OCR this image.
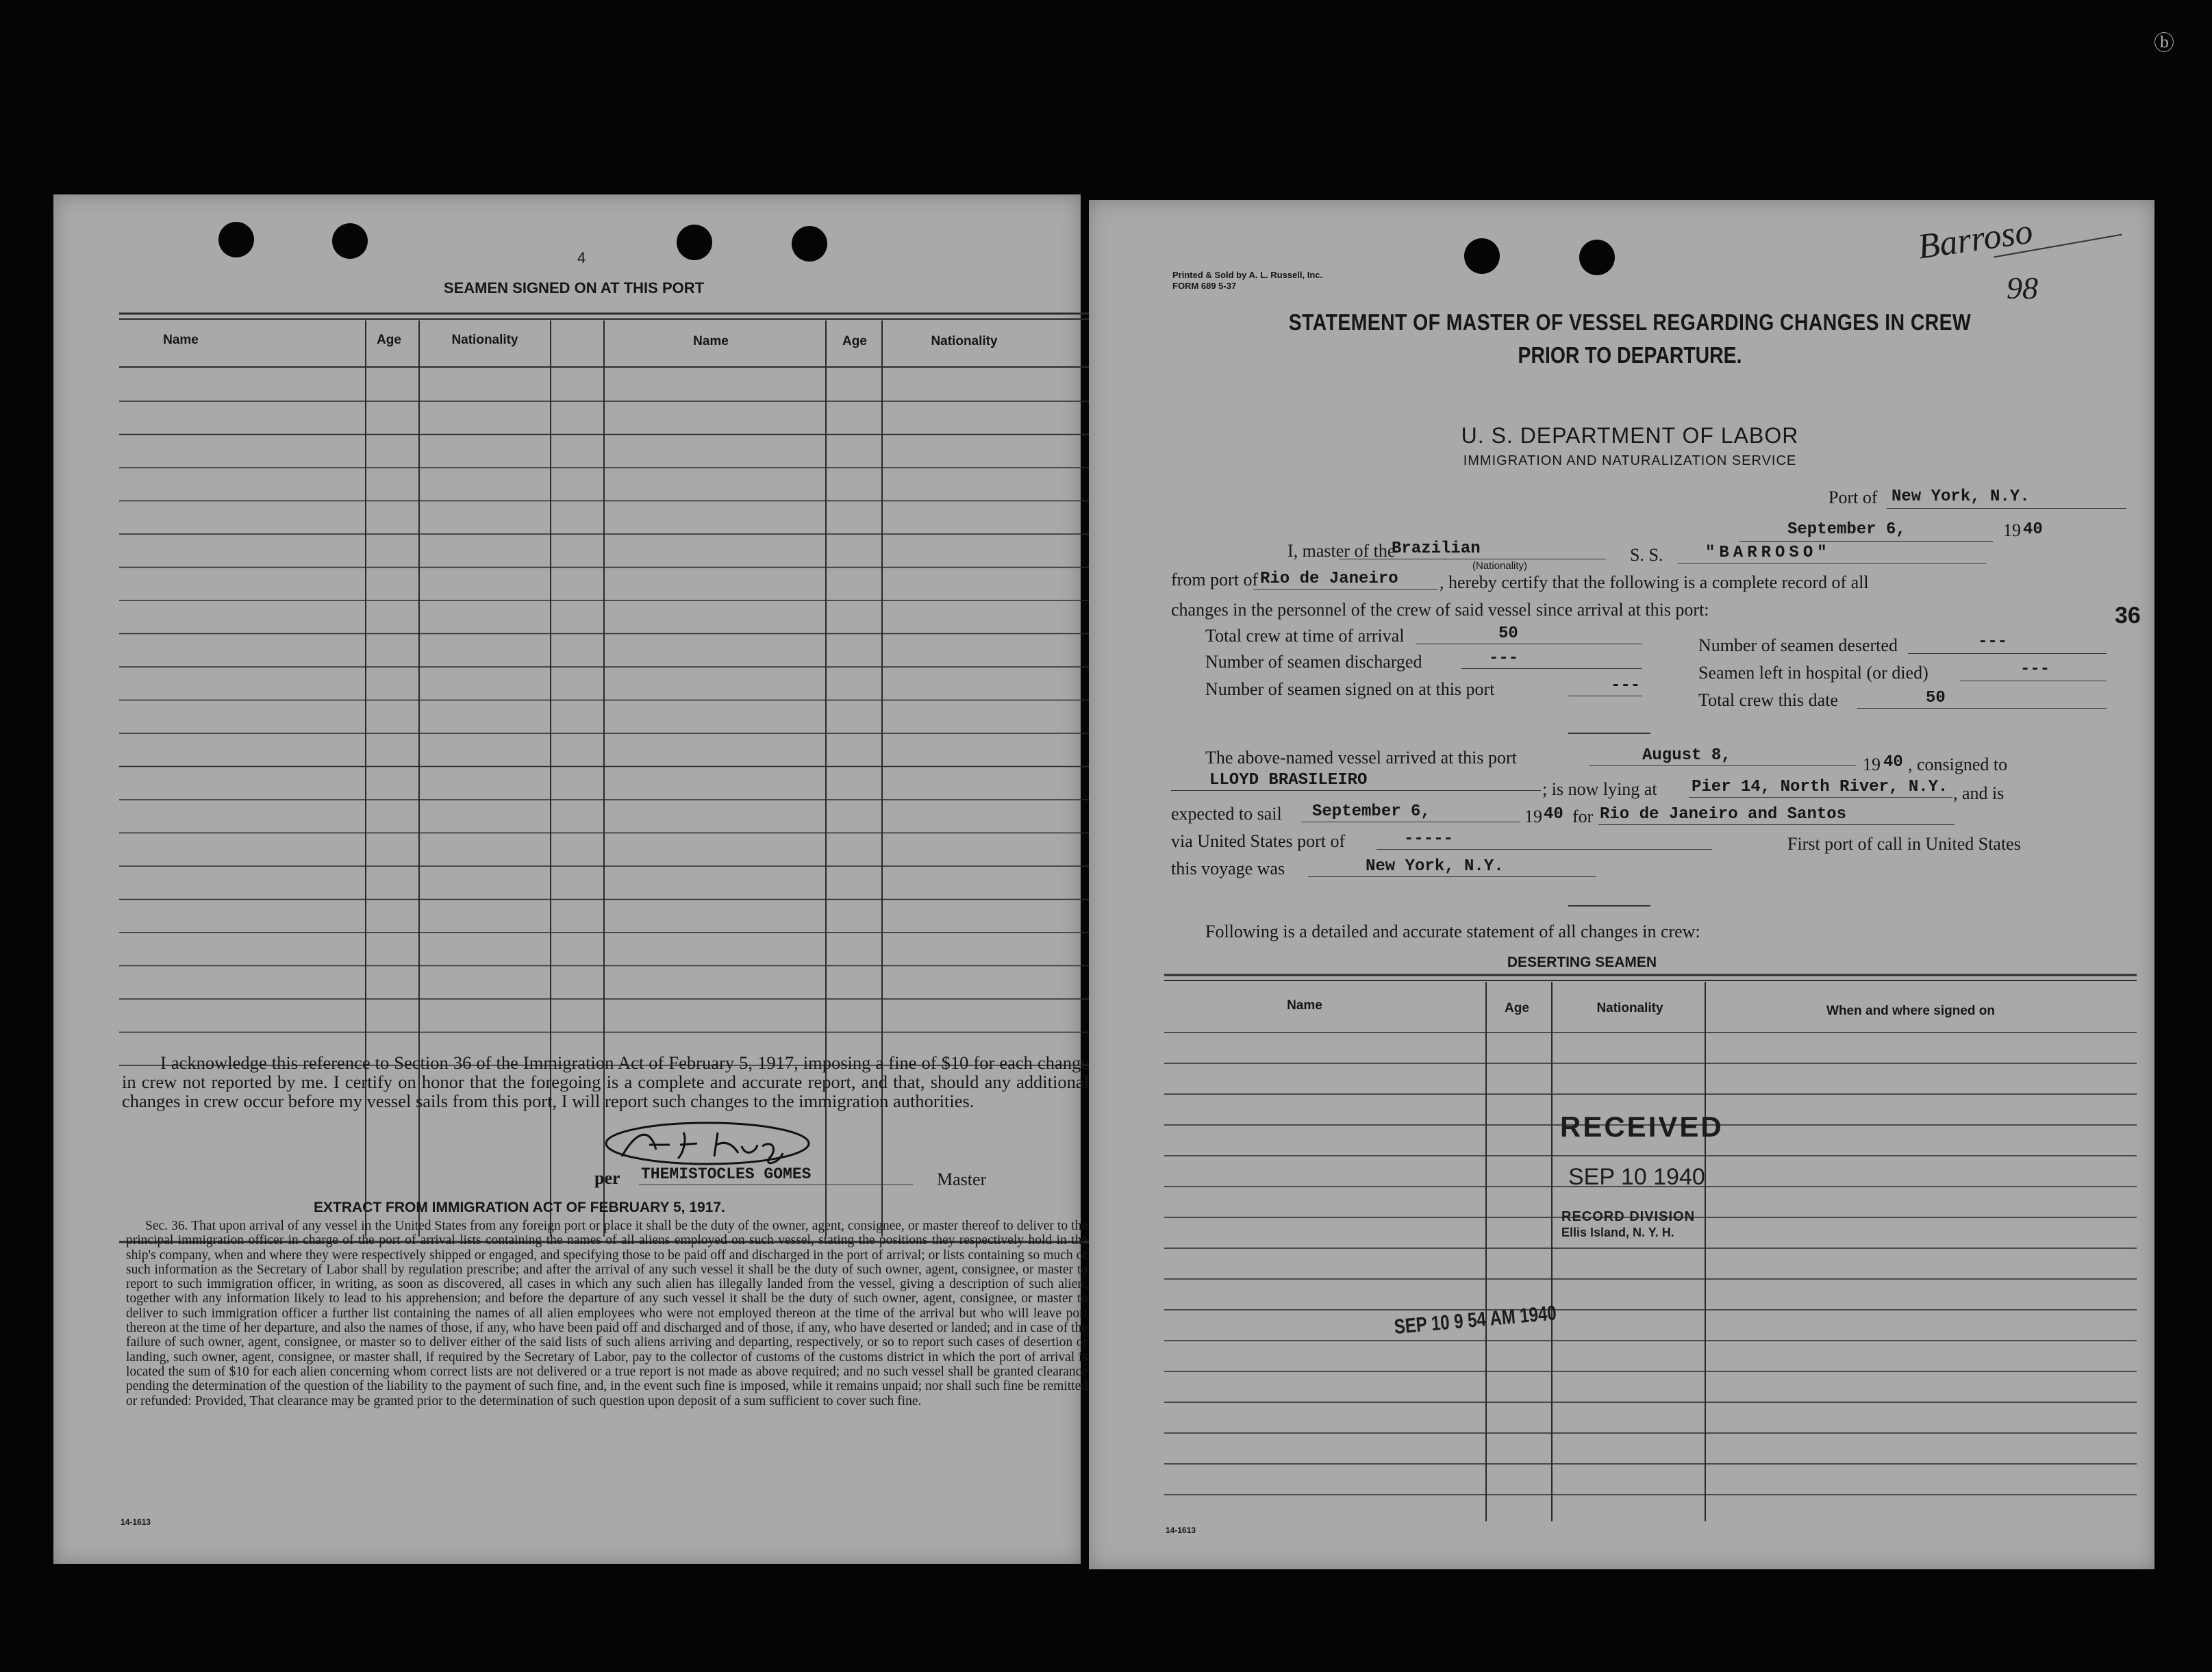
ⓑ
4
SEAMEN SIGNED ON AT THIS PORT
Name	Age	Nationality	Name	Age	Nationality
I acknowledge this reference to Section 36 of the Immigration Act of February 5, 1917, imposing a fine of $10 for each change in crew not reported by me. I certify on honor that the foregoing is a complete and accurate report, and that, should any additional changes in crew occur before my vessel sails from this port, I will report such changes to the immigration authorities.
per THEMISTOCLES GOMES	Master
EXTRACT FROM IMMIGRATION ACT OF FEBRUARY 5, 1917.
Sec. 36. That upon arrival of any vessel in the United States from any foreign port or place it shall be the duty of the owner, agent, consignee, or master thereof to deliver to the principal immigration officer in charge of the port of arrival lists containing the names of all aliens employed on such vessel, stating the positions they respectively hold in the ship's company, when and where they were respectively shipped or engaged, and specifying those to be paid off and discharged in the port of arrival; or lists containing so much of such information as the Secretary of Labor shall by regulation prescribe; and after the arrival of any such vessel it shall be the duty of such owner, agent, consignee, or master to report to such immigration officer, in writing, as soon as discovered, all cases in which any such alien has illegally landed from the vessel, giving a description of such alien, together with any information likely to lead to his apprehension; and before the departure of any such vessel it shall be the duty of such owner, agent, consignee, or master to deliver to such immigration officer a further list containing the names of all alien employees who were not employed thereon at the time of the arrival but who will leave port thereon at the time of her departure, and also the names of those, if any, who have been paid off and discharged and of those, if any, who have deserted or landed; and in case of the failure of such owner, agent, consignee, or master so to deliver either of the said lists of such aliens arriving and departing, respectively, or so to report such cases of desertion or landing, such owner, agent, consignee, or master shall, if required by the Secretary of Labor, pay to the collector of customs of the customs district in which the port of arrival is located the sum of $10 for each alien concerning whom correct lists are not delivered or a true report is not made as above required; and no such vessel shall be granted clearance pending the determination of the question of the liability to the payment of such fine, and, in the event such fine is imposed, while it remains unpaid; nor shall such fine be remitted or refunded: Provided, That clearance may be granted prior to the determination of such question upon deposit of a sum sufficient to cover such fine.
14-1613
Printed & Sold by A. L. Russell, Inc.
FORM 689 5-37
Barroso
98
36
STATEMENT OF MASTER OF VESSEL REGARDING CHANGES IN CREW
PRIOR TO DEPARTURE.
U. S. DEPARTMENT OF LABOR
IMMIGRATION AND NATURALIZATION SERVICE
Port of New York, N.Y.
September 6,	19 40
I, master of the
Brazilian
(Nationality)
S. S.	"BARROSO"
from port of Rio de Janeiro , hereby certify that the following is a complete record of all
changes in the personnel of the crew of said vessel since arrival at this port:
Total crew at time of arrival	50
Number of seamen discharged	---
Number of seamen signed on at this port	---
Number of seamen deserted	---
Seamen left in hospital (or died)	---
Total crew this date	50
The above-named vessel arrived at this port	August 8,	19 40 , consigned to
LLOYD BRASILEIRO	; is now lying at Pier 14, North River, N.Y. , and is
expected to sail September 6,	19 40 for Rio de Janeiro and Santos
via United States port of	-----	First port of call in United States
this voyage was	New York, N.Y.
Following is a detailed and accurate statement of all changes in crew:
DESERTING SEAMEN
Name	Age	Nationality	When and where signed on
RECEIVED
SEP 10 1940
RECORD DIVISION
Ellis Island, N. Y. H.
SEP 10 9 54 AM 1940
14-1613
